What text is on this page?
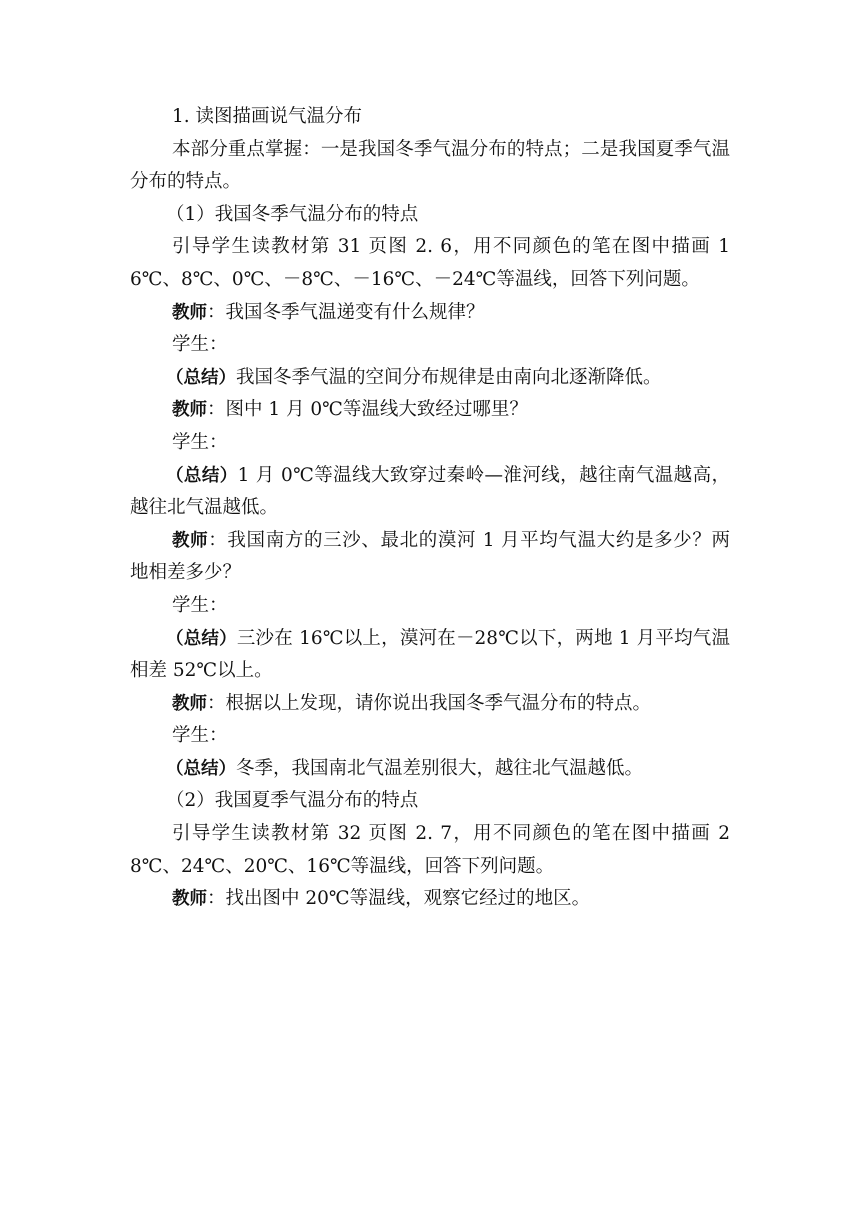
1. 读图描画说气温分布

本部分重点掌握：一是我国冬季气温分布的特点；二是我国夏季气温分布的特点。

（1）我国冬季气温分布的特点

引导学生读教材第 31 页图 2. 6，用不同颜色的笔在图中描画 16℃、8℃、0℃、－8℃、－16℃、－24℃等温线，回答下列问题。

教师：我国冬季气温递变有什么规律？

学生：

（总结）我国冬季气温的空间分布规律是由南向北逐渐降低。

教师：图中 1 月 0℃等温线大致经过哪里？

学生：

（总结）1 月 0℃等温线大致穿过秦岭—淮河线，越往南气温越高，越往北气温越低。

教师：我国南方的三沙、最北的漠河 1 月平均气温大约是多少？两地相差多少？

学生：

（总结）三沙在 16℃以上，漠河在－28℃以下，两地 1 月平均气温相差 52℃以上。

教师：根据以上发现，请你说出我国冬季气温分布的特点。

学生：

（总结）冬季，我国南北气温差别很大，越往北气温越低。

（2）我国夏季气温分布的特点

引导学生读教材第 32 页图 2. 7，用不同颜色的笔在图中描画 28℃、24℃、20℃、16℃等温线，回答下列问题。

教师：找出图中 20℃等温线，观察它经过的地区。
